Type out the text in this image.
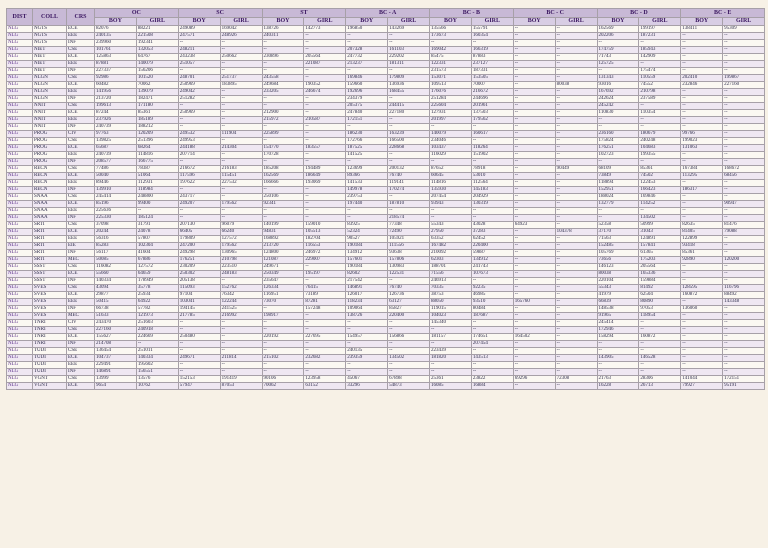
DIST	COLL	CRS	OC		SC		ST		BC - A		BC - B		BC - C		BC - D		BC - E	
			BOY	GIRL	BOY	GIRL	BOY	GIRL	BOY	GIRL	BOY	GIRL	BOY	GIRL	BOY	GIRL	BOY	GIRL
NLG	NGTS	ECE	82076	88221	249089	169042	138726	142773	196850	143269	135566	155791	--	--	162569	199197	138411	95309
NLG	NGTS	EEE	240135	221508	247571	248926	240311	--	--	--	173673	160354	--	--	202206	187231	--	--
NLG	NGTS	INF	239960	192341	--	--	--	--	--	--	--	--	--	--	--	--	--	--
NLG	NIET	CSE	101761	132053	248211	--	--	--	207328	161103	169042	166319	--	--	174759	185943	--	--
NLG	NIET	ECE	125863	64767	243238	250662	230896	205564	247732	229202	85475	87883	--	--	71743	142909	--	--
NLG	NIET	EEE	87881	140079	251057	--	--	221087	213237	181311	122331	237127	--	--	125725	--	--	--
NLG	NIET	INF	227337	156206	--	--	--	--	--	--	231573	187331	--	--	--	175474	--	--
NLG	NLGN	CSE	92986	101520	248701	251737	243558	--	169846	179809	153071	153505	--	--	131343	110559	202410	199867
NLG	NLGN	ECE	60482	70062	250969	183895	249684	190352	159660	136936	109513	70007	--	80038	93016	74552	232846	227160
NLG	NLGN	EEE	141956	139079	249042	--	233205	246674	192696	168455	176076	216672	--	--	167692	210798	--	--
NLG	NLGN	INF	213720	182471	251282	--	--	--	234379	--	251284	244696	--	--	242624	237589	--	--
NLG	NNIT	CSE	199613	171180	--	--	--	--	205375	244415	225604	201961	--	--	245242	--	--	--
NLG	NNIT	ECE	87244	85361	250969	--	212900	--	247840	227180	127931	137503	--	--	110830	110354	--	--
NLG	NNIT	EEE	237926	185189	--	--	215972	210587	172151	--	201997	179562	--	--	--	--	--	--
NLG	NNIT	INF	240739	188212	--	--	--	--	--	--	--	--	--	--	--	--	--	--
NLG	PROG	CIV	97763	120209	249532	111904	225899	--	186230	163239	140079	160617	--	--	236160	180679	99766	--
NLG	PROG	CSE	139825	251396	249953	--	--	--	172766	166500	234046	--	--	--	175824	240248	199023	--
NLG	PROG	ECE	65687	68264	244188	214304	154770	183557	187525	228668	103437	118264	--	--	176251	104683	131063	--
NLG	PROG	EEE	240739	114816	207714	--	170728	--	141525	--	116029	151902	--	--	102723	199355	--	--
NLG	PROG	INF	208577	166775	--	--	--	--	--	--	--	--	--	--	--	--	--	--
NLG	RECN	CSE	77486	78387	216672	216183	185208	194489	123699	200132	87652	78918	--	90449	68109	85361	167384	168672
NLG	RECN	ECE	50040	51064	117596	115451	162569	186649	89366	76740	60645	53010	--	--	73849	74502	113295	68456
NLG	RECN	EEE	89446	112931	197622	227532	166666	193069	141533	119141	114816	112564	--	--	118894	122453	--	--
NLG	RECN	INF	139910	118984	--	--	--	--	149978	170274	135930	145183	--	--	152951	166423	186317	--
NLG	SNAA	CSE	245414	248800	243717	--	250106	--	239753	--	207454	204929	--	--	188024	169846	--	--
NLG	SNAA	ECE	85196	99400	249207	179562	92341	--	197440	187810	93943	130319	--	--	132779	114252	--	90947
NLG	SNAA	EEE	225636	--	--	--	--	--	--	--	--	--	--	--	--	--	--	--
NLG	SNAA	INF	225330	185124	--	--	--	--	--	218574	--	--	--	--	--	134502	--	--
NLG	SRTI	CSE	37098	31791	207130	96079	140199	159010	83925	77348	55343	43028	64923	--	52358	50999	82635	81476
NLG	SRTI	ECE	20244	24078	66405	66240	94831	105513	52324	72490	27950	37283	--	104378	37170	31043	81405	79088
NLG	SRTI	EEE	56316	57807	179809	127572	168892	182704	90527	105921	63352	62452	--	--	71563	124891	122899	--
NLG	SRTI	EIE	85283	102304	247200	179562	213720	116553	190184	111556	167482	220400	--	--	152485	157841	93418	--
NLG	SRTI	INF	56117	41604	249298	130965	124800	246972	134912	93638	210092	59887	--	--	105769	61365	85361	--
NLG	SRTI	MEC	50085	67886	176251	210798	121087	229007	157601	157806	62303	134912	--	--	73656	175203	92890	120200
NLG	SSST	CSE	116082	127572	230209	223510	249671	--	190184	130983	188701	241743	--	--	146123	205564	--	--
NLG	SSST	ECE	55660	64659	250302	248183	250349	195197	82602	122531	71556	107673	--	--	80038	165336	--	--
NLG	SSST	INF	140334	178949	205138	--	235647	--	217542	--	246913	--	--	--	220104	159884	--	--
NLG	SVES	CSE	43094	35778	115093	152762	126334	76415	146891	76740	70335	92235	--	--	55343	81492	128595	116796
NLG	SVES	ECE	29877	25934	97104	76342	116951	73189	126017	126736	38753	46985	--	--	41979	62504	160872	88492
NLG	SVES	EEE	50415	64922	103041	122244	73070	87281	118234	63127	88050	93510	165760	--	66839	80890	--	143348
NLG	SVES	INF	66738	57782	194145	241525	--	157248	109064	85827	119015	80484	--	--	148538	97053	136060	--
NLG	SVES	MEC	51633	121973	217785	216992	198917	--	138726	220400	104023	187687	--	--	91965	118954	--	--
NLG	TNRI	CIV	243470	251603	--	--	--	--	--	--	145340	--	--	--	245414	--	--	--
NLG	TNRI	CSE	227160	240918	--	--	--	--	--	--	--	--	--	--	172946	--	--	--
NLG	TNRI	ECE	155627	224669	250480	--	220192	227695	154957	156866	181157	174651	164502	--	158294	160872	--	--
NLG	TNRI	INF	214708	--	--	--	--	--	--	--	--	207454	--	--	--	--	--	--
NLG	TUDI	CSE	136454	251011	--	--	--	--	240135	--	223439	--	--	--	--	--	--	--
NLG	TUDI	ECE	104737	140334	249671	211814	215102	232682	239359	134502	181820	143513	--	--	143905	146528	--	--
NLG	TUDI	EEE	229491	195602	--	--	--	--	--	--	--	--	--	--	--	--	--	--
NLG	TUDI	INF	146891	156551	--	--	--	--	--	--	--	--	--	--	--	--	--	--
NLG	VGNT	CSE	13999	13576	152153	191419	90106	123958	45067	67898	25361	23822	69296	72308	21763	28306	141044	172151
NLG	VGNT	ECE	9654	10762	57947	87053	70062	63152	33296	54873	16085	16884	--	--	16228	26713	79927	95191
